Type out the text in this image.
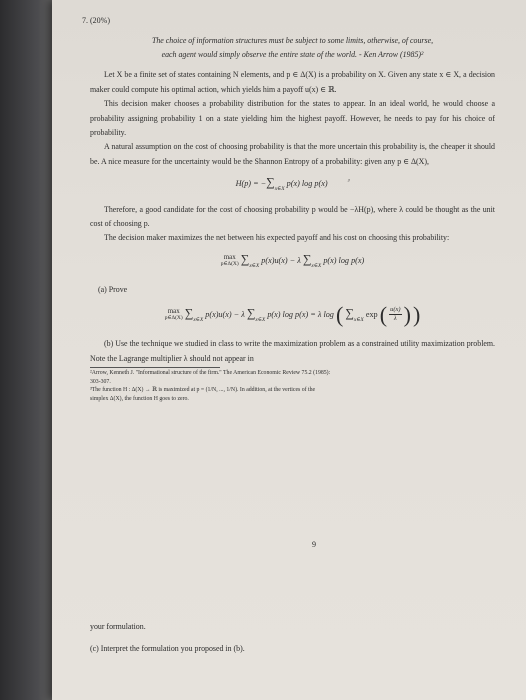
7. (20%)
The choice of information structures must be subject to some limits, otherwise, of course,
each agent would simply observe the entire state of the world. - Ken Arrow (1985)²

Let X be a finite set of states containing N elements, and p ∈ Δ(X) is a probability on X. Given any state x ∈ X, a decision maker could compute his optimal action, which yields him a payoff u(x) ∈ ℝ.

This decision maker chooses a probability distribution for the states to appear. In an ideal world, he would choose a probability assigning probability 1 on a state yielding him the highest payoff. However, he needs to pay for his choice of probability.

A natural assumption on the cost of choosing probability is that the more uncertain this probability is, the cheaper it should be. A nice measure for the uncertainty would be the Shannon Entropy of a probability: given any p ∈ Δ(X),

$H(p) = -\sum_{x\in X}$ p(x) log p(x)	$^{^3}$

Therefore, a good candidate for the cost of choosing probability p would be −λH(p), where λ could be thought as the unit cost of choosing p.

The decision maker maximizes the net between his expected payoff and his cost on choosing this probability:

max
p∈Δ(X) $\sum_{x\in X}$ p(x)u(x) − λ $\sum_{x\in X}$ p(x) log p(x)
(a) Prove
max
p∈Δ(X) $\sum_{x\in X}$ p(x)u(x) − λ $\sum_{x\in X}$ p(x) log p(x) = λ log ( $\sum_{x\in X}$ exp ( $\frac{u(x)}{\lambda}$ ) )

(b) Use the technique we studied in class to write the maximization problem as a constrained utility maximization problem. Note the Lagrange multiplier λ should not appear in

²Arrow, Kenneth J. "Informational structure of the firm." The American Economic Review 75.2 (1985):
303-307.
³The function H : Δ(X) → ℝ is maximized at p = (1/N, ..., 1/N). In addition, at the vertices of the
simplex Δ(X), the function H goes to zero.
9
your formulation.
(c) Interpret the formulation you proposed in (b).
